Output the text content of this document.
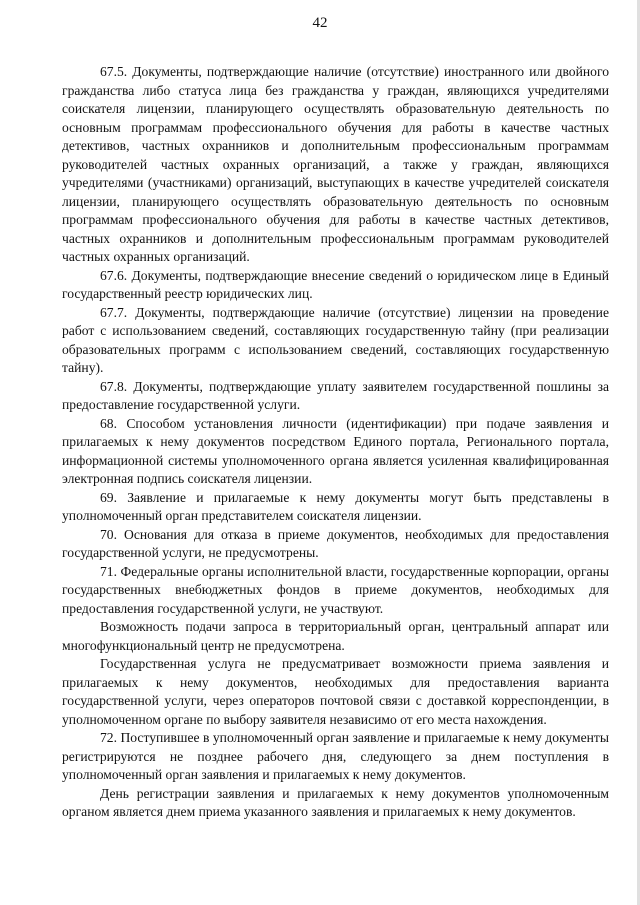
42

67.5. Документы, подтверждающие наличие (отсутствие) иностранного или двойного гражданства либо статуса лица без гражданства у граждан, являющихся учредителями соискателя лицензии, планирующего осуществлять образовательную деятельность по основным программам профессионального обучения для работы в качестве частных детективов, частных охранников и дополнительным профессиональным программам руководителей частных охранных организаций, а также у граждан, являющихся учредителями (участниками) организаций, выступающих в качестве учредителей соискателя лицензии, планирующего осуществлять образовательную деятельность по основным программам профессионального обучения для работы в качестве частных детективов, частных охранников и дополнительным профессиональным программам руководителей частных охранных организаций.

67.6. Документы, подтверждающие внесение сведений о юридическом лице в Единый государственный реестр юридических лиц.

67.7. Документы, подтверждающие наличие (отсутствие) лицензии на проведение работ с использованием сведений, составляющих государственную тайну (при реализации образовательных программ с использованием сведений, составляющих государственную тайну).

67.8. Документы, подтверждающие уплату заявителем государственной пошлины за предоставление государственной услуги.

68. Способом установления личности (идентификации) при подаче заявления и прилагаемых к нему документов посредством Единого портала, Регионального портала, информационной системы уполномоченного органа является усиленная квалифицированная электронная подпись соискателя лицензии.

69. Заявление и прилагаемые к нему документы могут быть представлены в уполномоченный орган представителем соискателя лицензии.

70. Основания для отказа в приеме документов, необходимых для предоставления государственной услуги, не предусмотрены.

71. Федеральные органы исполнительной власти, государственные корпорации, органы государственных внебюджетных фондов в приеме документов, необходимых для предоставления государственной услуги, не участвуют.

Возможность подачи запроса в территориальный орган, центральный аппарат или многофункциональный центр не предусмотрена.

Государственная услуга не предусматривает возможности приема заявления и прилагаемых к нему документов, необходимых для предоставления варианта государственной услуги, через операторов почтовой связи с доставкой корреспонденции, в уполномоченном органе по выбору заявителя независимо от его места нахождения.

72. Поступившее в уполномоченный орган заявление и прилагаемые к нему документы регистрируются не позднее рабочего дня, следующего за днем поступления в уполномоченный орган заявления и прилагаемых к нему документов.

День регистрации заявления и прилагаемых к нему документов уполномоченным органом является днем приема указанного заявления и прилагаемых к нему документов.
